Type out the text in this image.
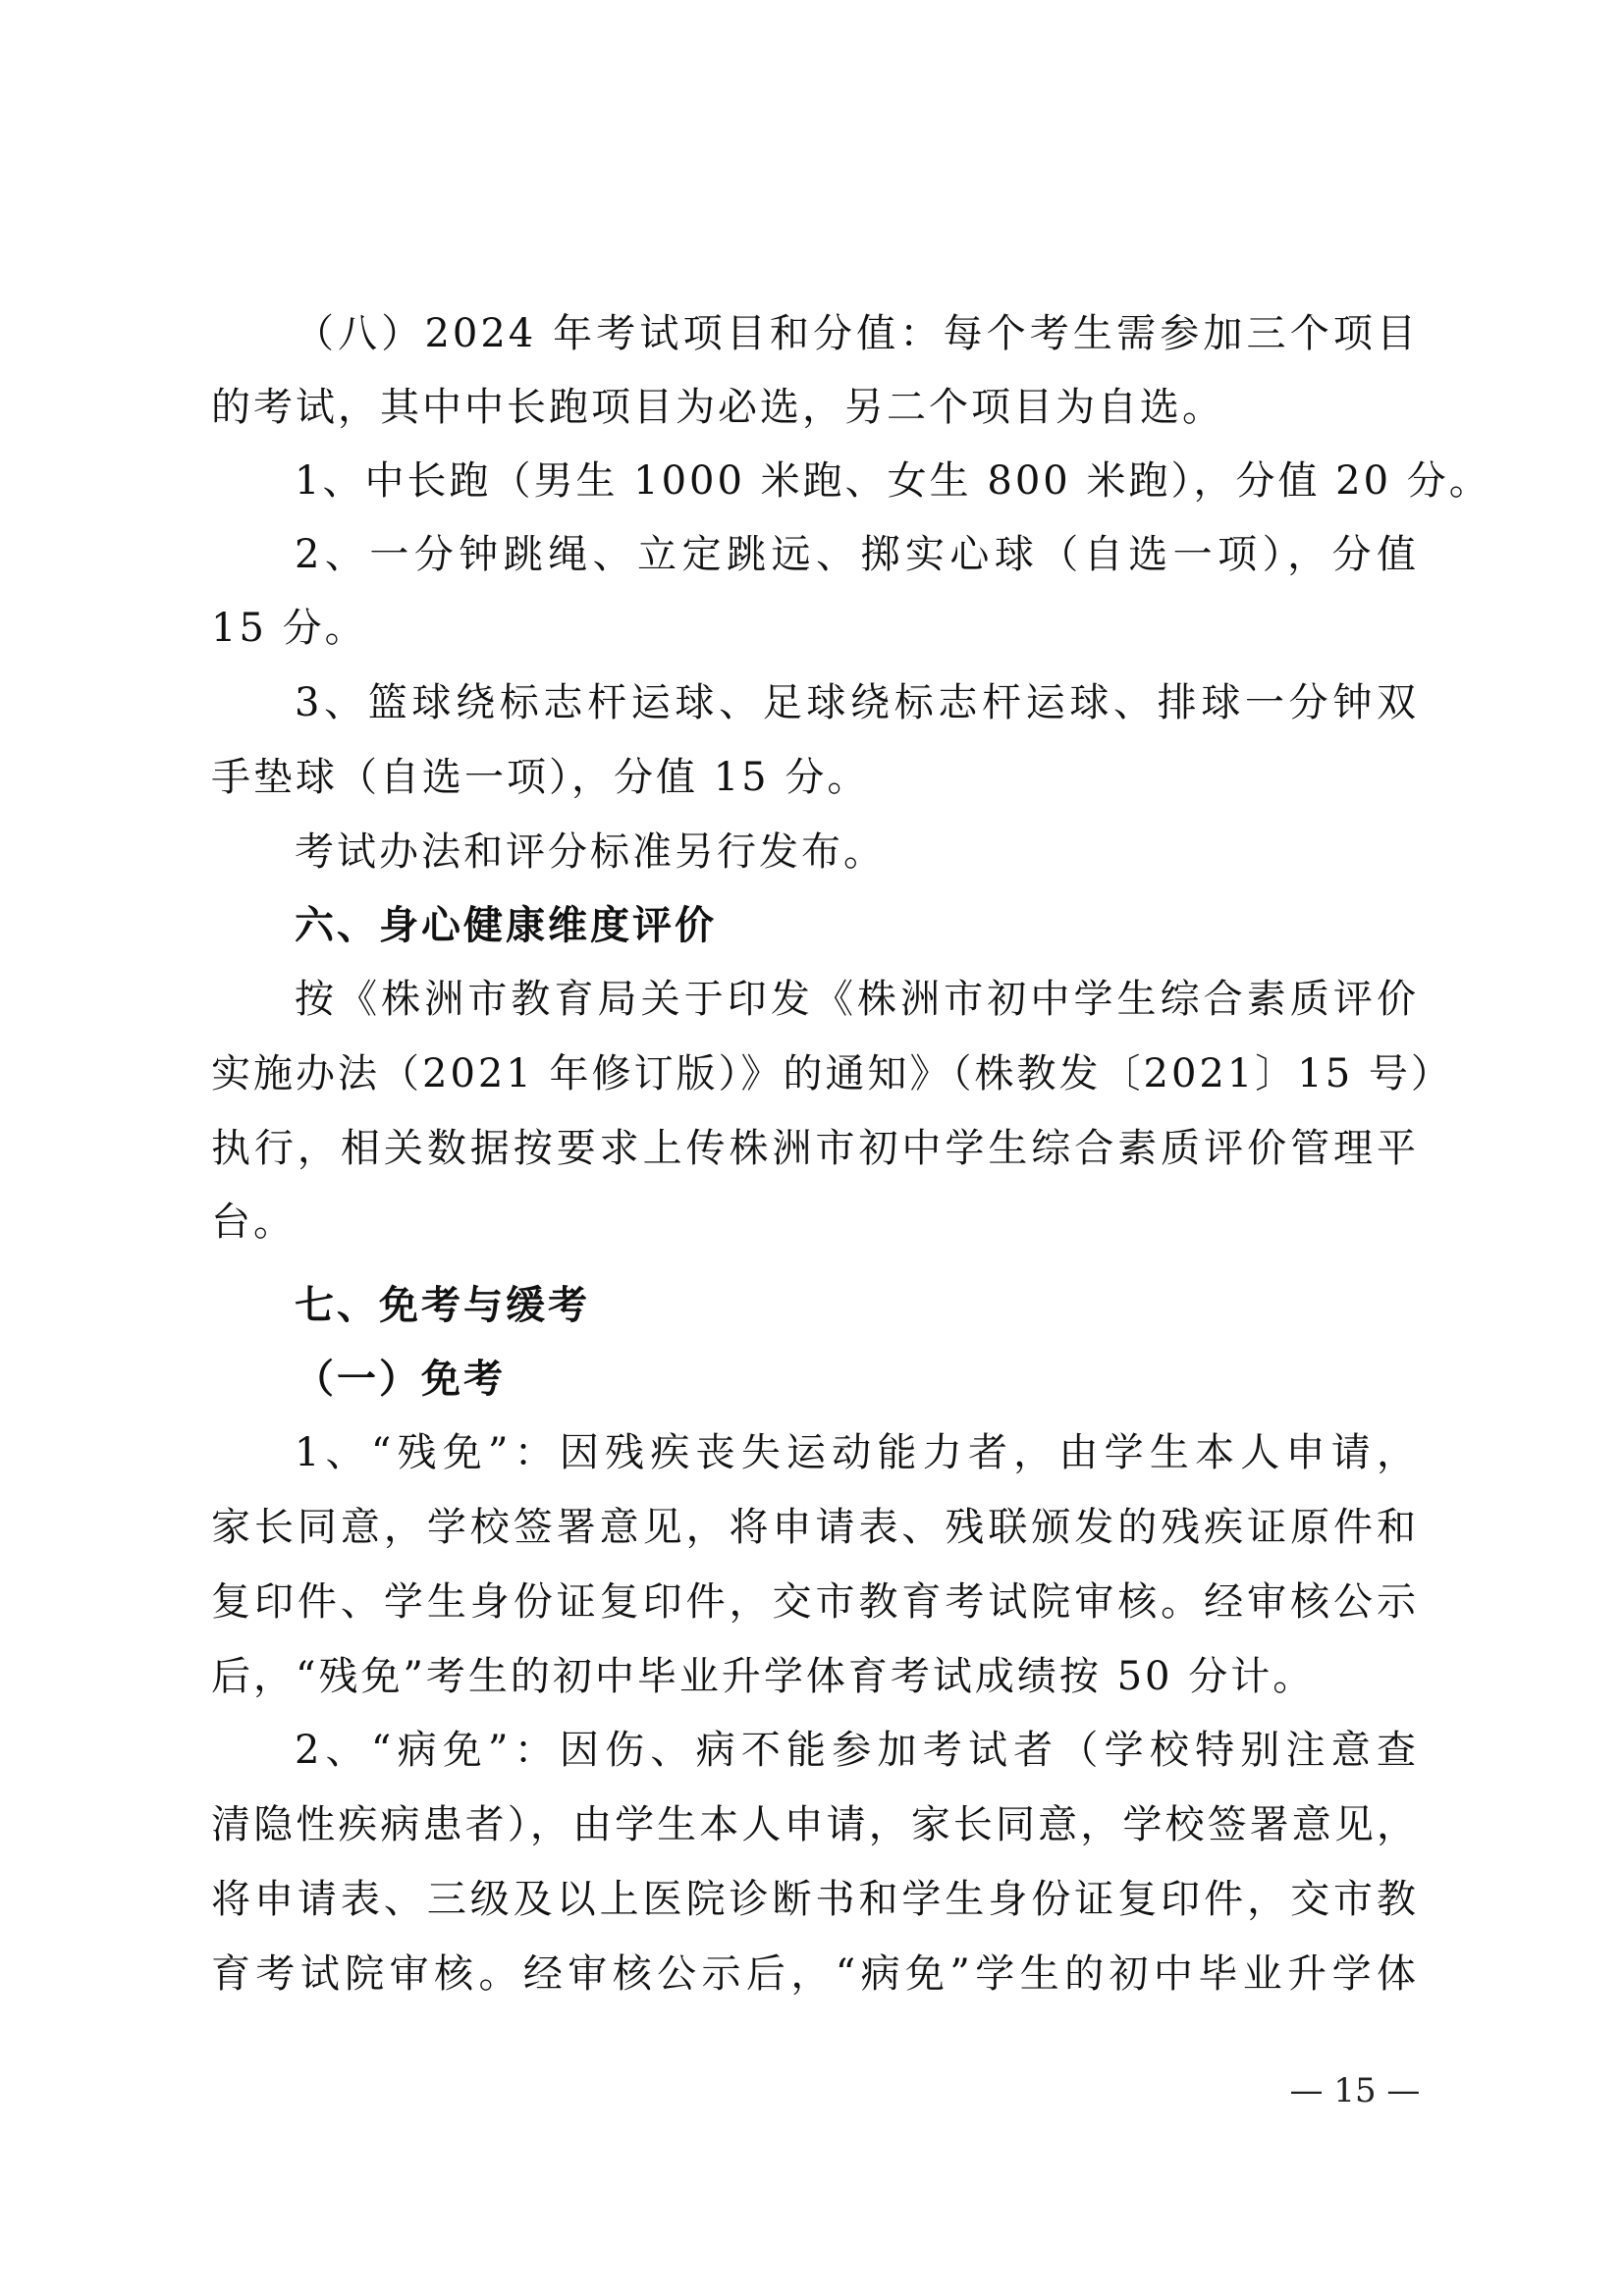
（八）2024 年考试项目和分值：每个考生需参加三个项目
的考试，其中中长跑项目为必选，另二个项目为自选。
1、中长跑（男生 1000 米跑、女生 800 米跑），分值 20 分。
2、一分钟跳绳、立定跳远、掷实心球（自选一项），分值
15 分。
3、篮球绕标志杆运球、足球绕标志杆运球、排球一分钟双
手垫球（自选一项），分值 15 分。
考试办法和评分标准另行发布。
六、身心健康维度评价
按《株洲市教育局关于印发《株洲市初中学生综合素质评价
实施办法（2021 年修订版）》的通知》（株教发〔2021〕15 号）
执行，相关数据按要求上传株洲市初中学生综合素质评价管理平
台。
七、免考与缓考
（一）免考
1、“残免”：因残疾丧失运动能力者，由学生本人申请，
家长同意，学校签署意见，将申请表、残联颁发的残疾证原件和
复印件、学生身份证复印件，交市教育考试院审核。经审核公示
后，“残免”考生的初中毕业升学体育考试成绩按 50 分计。
2、“病免”：因伤、病不能参加考试者（学校特别注意查
清隐性疾病患者），由学生本人申请，家长同意，学校签署意见，
将申请表、三级及以上医院诊断书和学生身份证复印件，交市教
育考试院审核。经审核公示后，“病免”学生的初中毕业升学体
— 15 —
